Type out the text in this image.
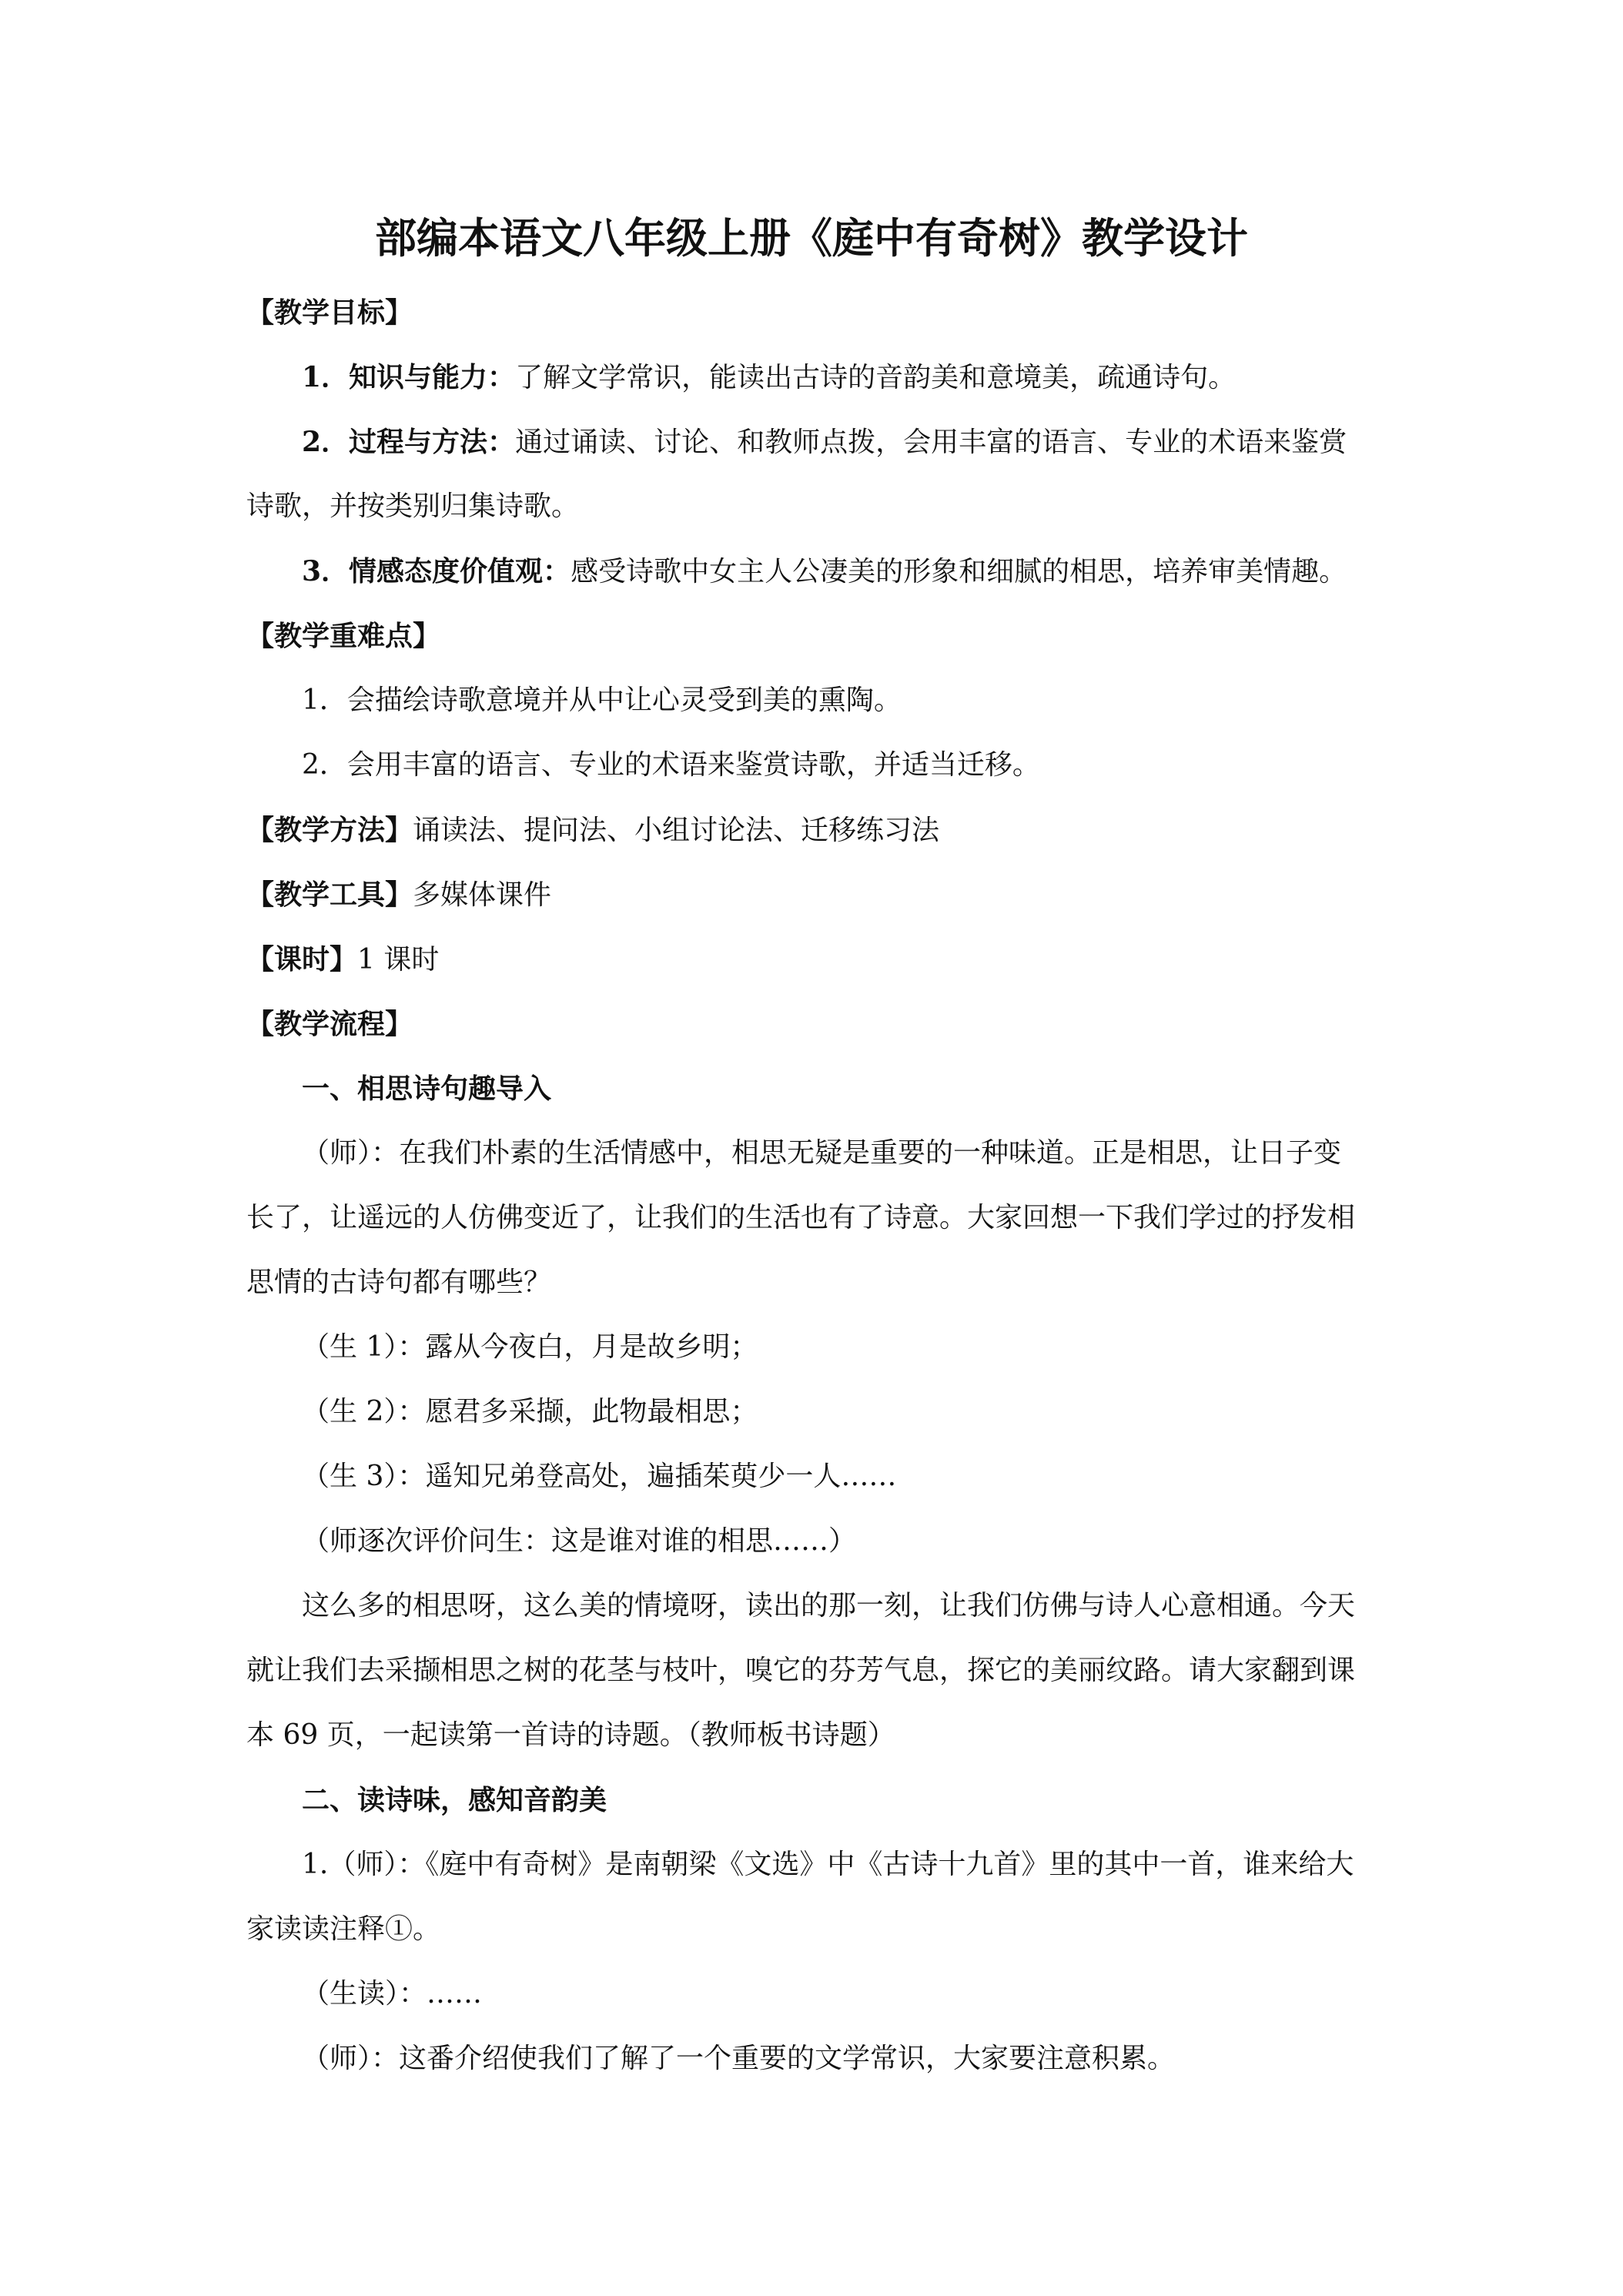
部编本语文八年级上册《庭中有奇树》教学设计
【教学目标】
1．知识与能力：了解文学常识，能读出古诗的音韵美和意境美，疏通诗句。
2．过程与方法：通过诵读、讨论、和教师点拨，会用丰富的语言、专业的术语来鉴赏
诗歌，并按类别归集诗歌。
3．情感态度价值观：感受诗歌中女主人公凄美的形象和细腻的相思，培养审美情趣。
【教学重难点】
1．会描绘诗歌意境并从中让心灵受到美的熏陶。
2．会用丰富的语言、专业的术语来鉴赏诗歌，并适当迁移。
【教学方法】诵读法、提问法、小组讨论法、迁移练习法
【教学工具】多媒体课件
【课时】1 课时
【教学流程】
一、相思诗句趣导入
（师）：在我们朴素的生活情感中，相思无疑是重要的一种味道。正是相思，让日子变
长了，让遥远的人仿佛变近了，让我们的生活也有了诗意。大家回想一下我们学过的抒发相
思情的古诗句都有哪些？
（生 1）：露从今夜白，月是故乡明；
（生 2）：愿君多采撷，此物最相思；
（生 3）：遥知兄弟登高处，遍插茱萸少一人……
（师逐次评价问生：这是谁对谁的相思……）
这么多的相思呀，这么美的情境呀，读出的那一刻，让我们仿佛与诗人心意相通。今天
就让我们去采撷相思之树的花茎与枝叶，嗅它的芬芳气息，探它的美丽纹路。请大家翻到课
本 69 页，一起读第一首诗的诗题。（教师板书诗题）
二、读诗味，感知音韵美
1.（师）：《庭中有奇树》是南朝梁《文选》中《古诗十九首》里的其中一首，谁来给大
家读读注释①。
（生读）：……
（师）：这番介绍使我们了解了一个重要的文学常识，大家要注意积累。
